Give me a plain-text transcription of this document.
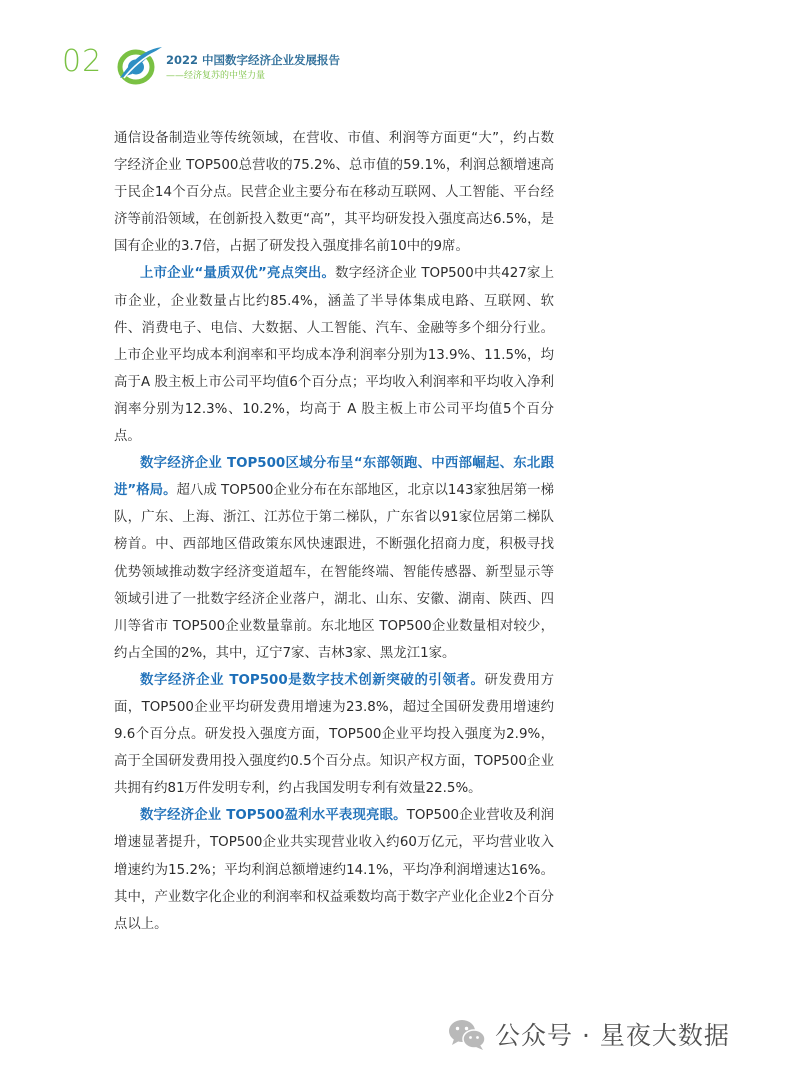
02	2022 中国数字经济企业发展报告
——经济复苏的中坚力量

通信设备制造业等传统领域，在营收、市值、利润等方面更“大”，约占数字经济企业 TOP500总营收的75.2%、总市值的59.1%，利润总额增速高于民企14个百分点。民营企业主要分布在移动互联网、人工智能、平台经济等前沿领域，在创新投入数更“高”，其平均研发投入强度高达6.5%，是国有企业的3.7倍，占据了研发投入强度排名前10中的9席。

上市企业“量质双优”亮点突出。数字经济企业 TOP500中共427家上市企业，企业数量占比约85.4%，涵盖了半导体集成电路、互联网、软件、消费电子、电信、大数据、人工智能、汽车、金融等多个细分行业。上市企业平均成本利润率和平均成本净利润率分别为13.9%、11.5%，均高于A 股主板上市公司平均值6个百分点；平均收入利润率和平均收入净利润率分别为12.3%、10.2%，均高于 A 股主板上市公司平均值5个百分点。

数字经济企业 TOP500区域分布呈“东部领跑、中西部崛起、东北跟进”格局。超八成 TOP500企业分布在东部地区，北京以143家独居第一梯队，广东、上海、浙江、江苏位于第二梯队，广东省以91家位居第二梯队榜首。中、西部地区借政策东风快速跟进，不断强化招商力度，积极寻找优势领域推动数字经济变道超车，在智能终端、智能传感器、新型显示等领域引进了一批数字经济企业落户，湖北、山东、安徽、湖南、陕西、四川等省市 TOP500企业数量靠前。东北地区 TOP500企业数量相对较少，约占全国的2%，其中，辽宁7家、吉林3家、黑龙江1家。

数字经济企业 TOP500是数字技术创新突破的引领者。研发费用方面，TOP500企业平均研发费用增速为23.8%，超过全国研发费用增速约9.6个百分点。研发投入强度方面，TOP500企业平均投入强度为2.9%，高于全国研发费用投入强度约0.5个百分点。知识产权方面，TOP500企业共拥有约81万件发明专利，约占我国发明专利有效量22.5%。

数字经济企业 TOP500盈利水平表现亮眼。TOP500企业营收及利润增速显著提升，TOP500企业共实现营业收入约60万亿元，平均营业收入增速约为15.2%；平均利润总额增速约14.1%，平均净利润增速达16%。其中，产业数字化企业的利润率和权益乘数均高于数字产业化企业2个百分点以上。

公众号 · 星夜大数据
